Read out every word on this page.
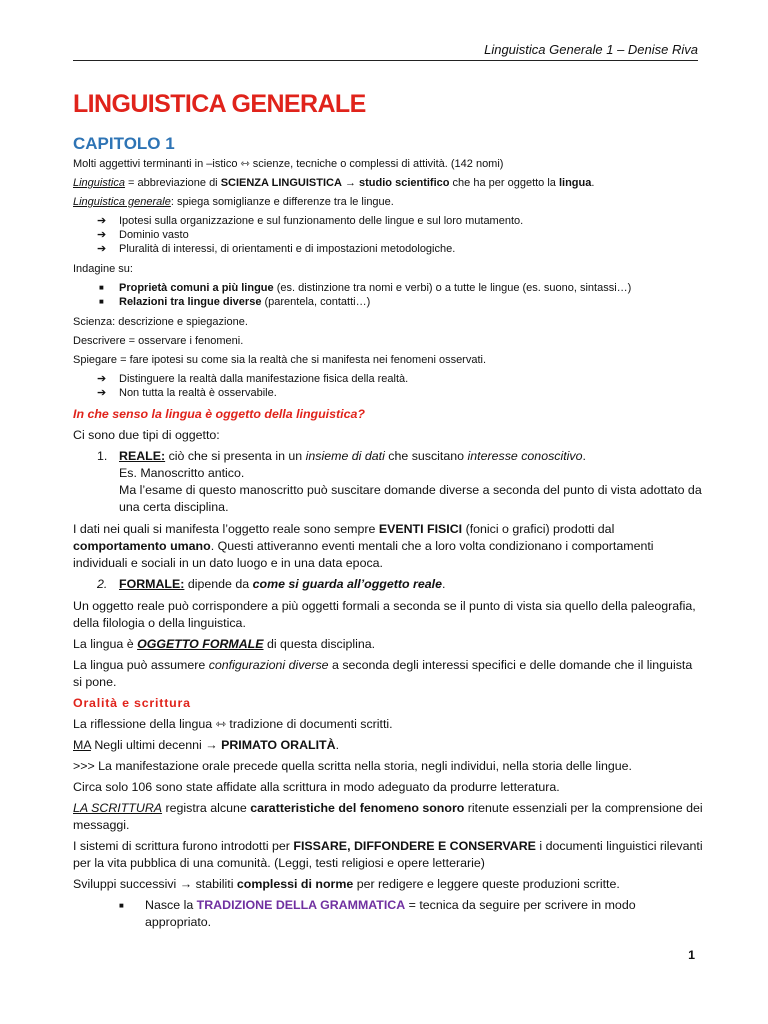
Linguistica Generale 1 – Denise Riva
LINGUISTICA GENERALE
CAPITOLO 1

Molti aggettivi terminanti in –istico ⇿ scienze, tecniche o complessi di attività. (142 nomi)

Linguistica = abbreviazione di SCIENZA LINGUISTICA → studio scientifico che ha per oggetto la lingua.

Linguistica generale: spiega somiglianze e differenze tra le lingue.

➔ Ipotesi sulla organizzazione e sul funzionamento delle lingue e sul loro mutamento.
➔ Dominio vasto
➔ Pluralità di interessi, di orientamenti e di impostazioni metodologiche.

Indagine su:

■ Proprietà comuni a più lingue (es. distinzione tra nomi e verbi) o a tutte le lingue (es. suono, sintassi…)
■ Relazioni tra lingue diverse (parentela, contatti…)

Scienza: descrizione e spiegazione.

Descrivere = osservare i fenomeni.

Spiegare = fare ipotesi su come sia la realtà che si manifesta nei fenomeni osservati.

➔ Distinguere la realtà dalla manifestazione fisica della realtà.
➔ Non tutta la realtà è osservabile.

In che senso la lingua è oggetto della linguistica?

Ci sono due tipi di oggetto:

1. REALE: ciò che si presenta in un insieme di dati che suscitano interesse conoscitivo.
Es. Manoscritto antico.
Ma l’esame di questo manoscritto può suscitare domande diverse a seconda del punto di vista adottato da una certa disciplina.

I dati nei quali si manifesta l’oggetto reale sono sempre EVENTI FISICI (fonici o grafici) prodotti dal comportamento umano. Questi attiveranno eventi mentali che a loro volta condizionano i comportamenti individuali e sociali in un dato luogo e in una data epoca.

2. FORMALE: dipende da come si guarda all’oggetto reale.

Un oggetto reale può corrispondere a più oggetti formali a seconda se il punto di vista sia quello della paleografia, della filologia o della linguistica.

La lingua è OGGETTO FORMALE di questa disciplina.

La lingua può assumere configurazioni diverse a seconda degli interessi specifici e delle domande che il linguista si pone.

Oralità e scrittura

La riflessione della lingua ⇿ tradizione di documenti scritti.

MA Negli ultimi decenni → PRIMATO ORALITÀ.

>>> La manifestazione orale precede quella scritta nella storia, negli individui, nella storia delle lingue.

Circa solo 106 sono state affidate alla scrittura in modo adeguato da produrre letteratura.

LA SCRITTURA registra alcune caratteristiche del fenomeno sonoro ritenute essenziali per la comprensione dei messaggi.

I sistemi di scrittura furono introdotti per FISSARE, DIFFONDERE E CONSERVARE i documenti linguistici rilevanti per la vita pubblica di una comunità. (Leggi, testi religiosi e opere letterarie)

Sviluppi successivi → stabiliti complessi di norme per redigere e leggere queste produzioni scritte.

■ Nasce la TRADIZIONE DELLA GRAMMATICA = tecnica da seguire per scrivere in modo appropriato.
1
